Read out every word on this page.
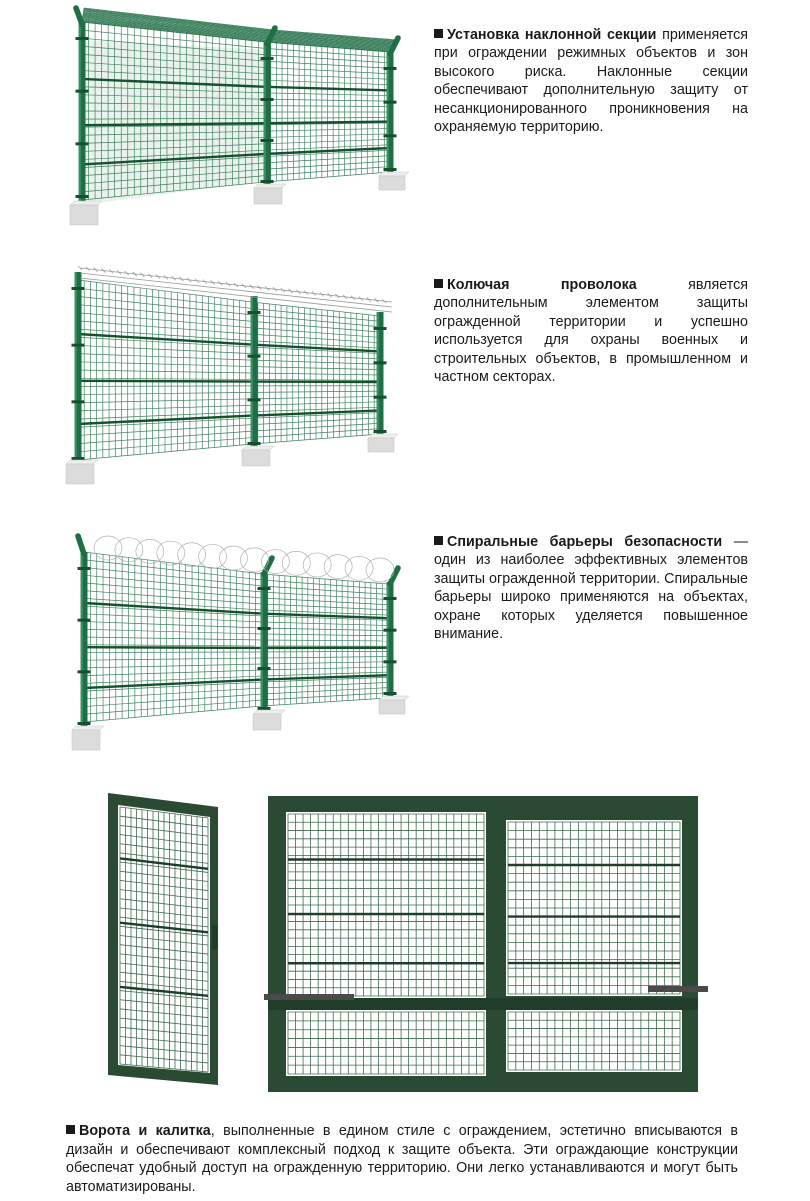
Установка наклонной секции применяется при ограждении режимных объектов и зон высокого риска. Наклонные секции обеспечивают дополнительную защиту от несанкционированного проникновения на охраняемую территорию.
Колючая проволока является дополнительным элементом защиты огражденной территории и успешно используется для охраны военных и строительных объектов, в промышленном и частном секторах.
Спиральные барьеры безопасности — один из наиболее эффективных элементов защиты огражденной территории. Спиральные барьеры широко применяются на объектах, охране которых уделяется повышенное внимание.
Ворота и калитка, выполненные в едином стиле с ограждением, эстетично вписываются в дизайн и обеспечивают комплексный подход к защите объекта. Эти ограждающие конструкции обеспечат удобный доступ на огражденную территорию. Они легко устанавливаются и могут быть автоматизированы.
